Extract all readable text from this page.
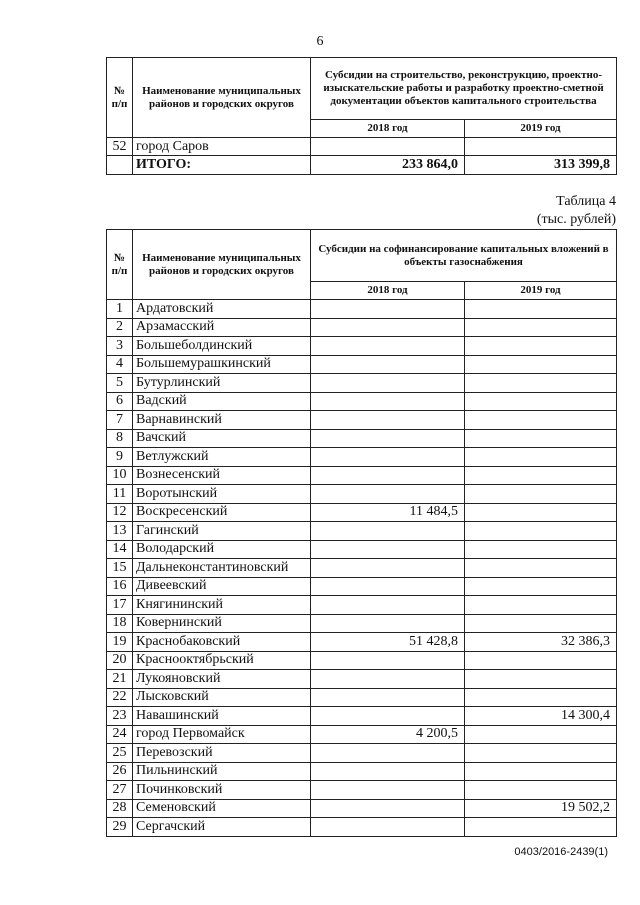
6
№ п/п	Наименование муниципальных районов и городских округов	Субсидии на строительство, реконструкцию, проектно-изыскательские работы и разработку проектно-сметной документации объектов капитального строительства	
		2018 год	2019 год
52	город Саров		
	ИТОГО:	233 864,0	313 399,8
Таблица 4
(тыс. рублей)
№ п/п	Наименование муниципальных районов и городских округов	Субсидии на софинансирование капитальных вложений в объекты газоснабжения	
		2018 год	2019 год
1	Ардатовский		
2	Арзамасский		
3	Большеболдинский		
4	Большемурашкинский		
5	Бутурлинский		
6	Вадский		
7	Варнавинский		
8	Вачский		
9	Ветлужский		
10	Вознесенский		
11	Воротынский		
12	Воскресенский	11 484,5	
13	Гагинский		
14	Володарский		
15	Дальнеконстантиновский		
16	Дивеевский		
17	Княгининский		
18	Ковернинский		
19	Краснобаковский	51 428,8	32 386,3
20	Краснооктябрьский		
21	Лукояновский		
22	Лысковский		
23	Навашинский		14 300,4
24	город Первомайск	4 200,5	
25	Перевозский		
26	Пильнинский		
27	Починковский		
28	Семеновский		19 502,2
29	Сергачский		
0403/2016-2439(1)
